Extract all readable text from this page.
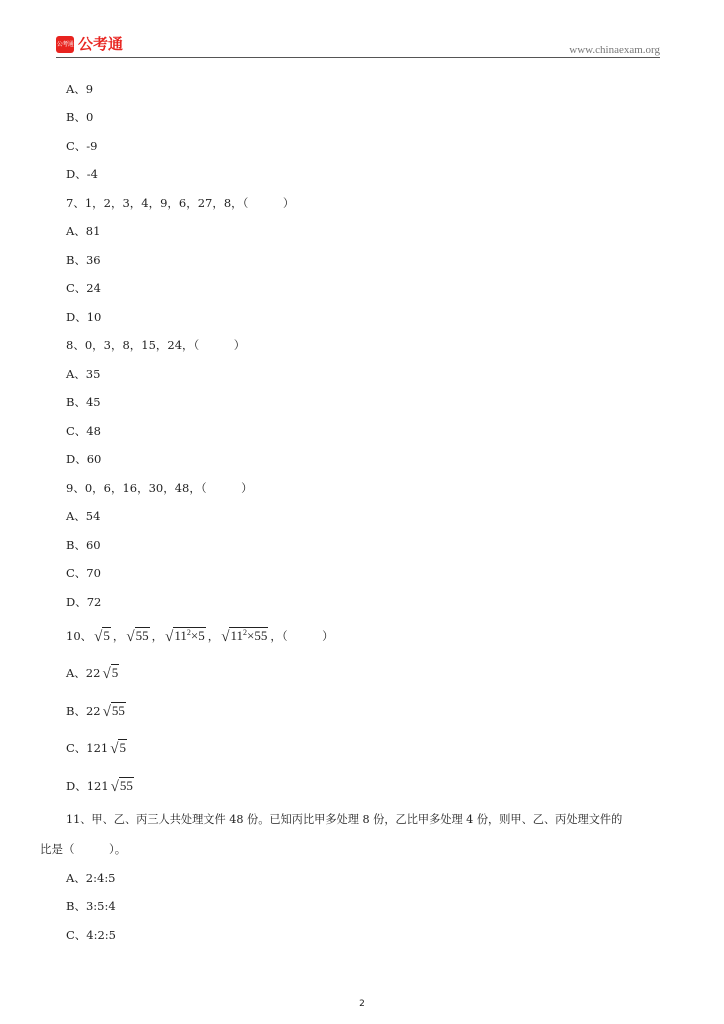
公考通 公考通	www.chinaexam.org
A、9
B、0
C、-9
D、-4
7、1，2，3，4，9，6，27，8，（　　　）
A、81
B、36
C、24
D、10
8、0，3，8，15，24，（　　　）
A、35
B、45
C、48
D、60
9、0，6，16，30，48，（　　　）
A、54
B、60
C、70
D、72
10、 √5 ， √55 ， $√11^2\times 5$ ， $√11^2\times 55$ ，（　　　）
A、22 √5
B、22 √55
C、121 √5
D、121 √55
11、甲、乙、丙三人共处理文件 48 份。已知丙比甲多处理 8 份，乙比甲多处理 4 份，则甲、乙、丙处理文件的
比是（　　　）。
A、2:4:5
B、3:5:4
C、4:2:5
2
